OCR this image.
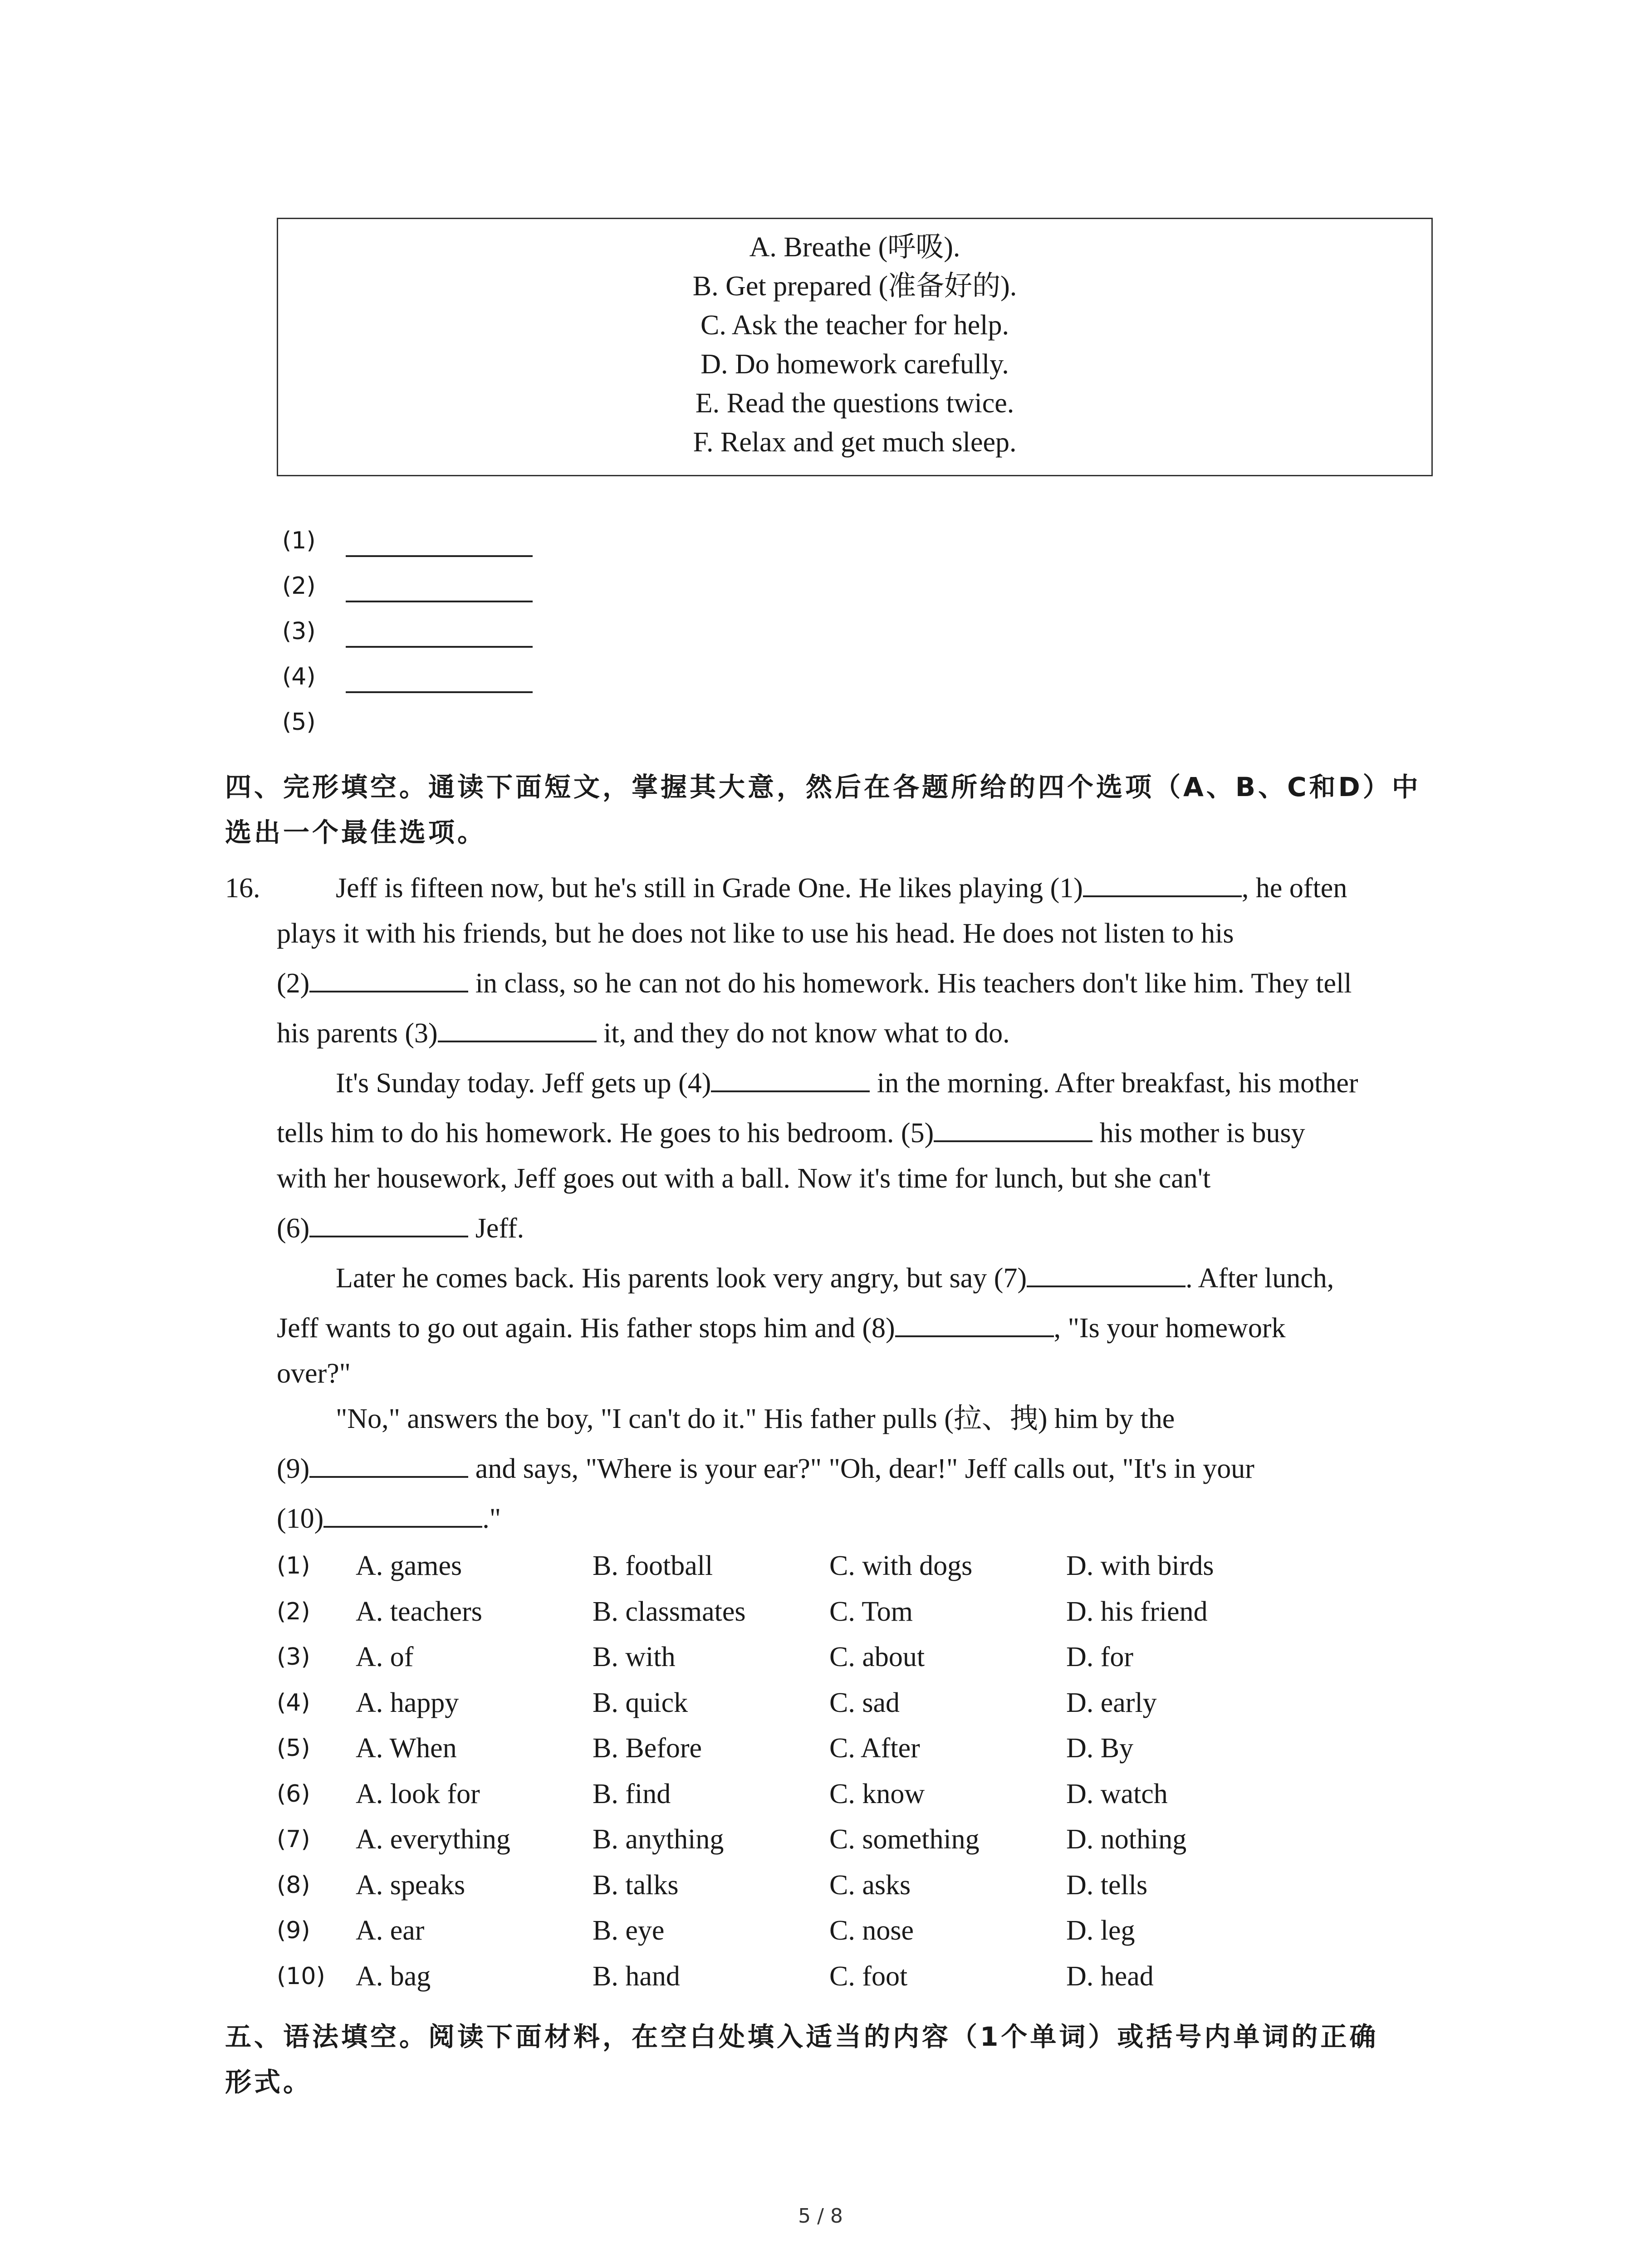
A. Breathe (呼吸).
B. Get prepared (准备好的).
C. Ask the teacher for help.
D. Do homework carefully.
E. Read the questions twice.
F. Relax and get much sleep.
(1)
(2)
(3)
(4)
(5)
四、完形填空。通读下面短文，掌握其大意，然后在各题所给的四个选项（A、B、C和D）中
选出一个最佳选项。
16.	Jeff is fifteen now, but he's still in Grade One. He likes playing (1)	, he often
plays it with his friends, but he does not like to use his head. He does not listen to his
(2)	in class, so he can not do his homework. His teachers don't like him. They tell
his parents (3)	it, and they do not know what to do.
It's Sunday today. Jeff gets up (4)	in the morning. After breakfast, his mother
tells him to do his homework. He goes to his bedroom. (5)	his mother is busy
with her housework, Jeff goes out with a ball. Now it's time for lunch, but she can't
(6)	Jeff.
Later he comes back. His parents look very angry, but say (7)	. After lunch,
Jeff wants to go out again. His father stops him and (8)	, "Is your homework
over?"
"No," answers the boy, "I can't do it." His father pulls (拉、拽) him by the
(9)	and says, "Where is your ear?" "Oh, dear!" Jeff calls out, "It's in your
(10)	."
(1) A. games	B. football	C. with dogs	D. with birds
(2) A. teachers	B. classmates	C. Tom	D. his friend
(3) A. of	B. with	C. about	D. for
(4) A. happy	B. quick	C. sad	D. early
(5) A. When	B. Before	C. After	D. By
(6) A. look for	B. find	C. know	D. watch
(7) A. everything	B. anything	C. something	D. nothing
(8) A. speaks	B. talks	C. asks	D. tells
(9) A. ear	B. eye	C. nose	D. leg
(10) A. bag	B. hand	C. foot	D. head
五、语法填空。阅读下面材料，在空白处填入适当的内容（1个单词）或括号内单词的正确
形式。
5 / 8
